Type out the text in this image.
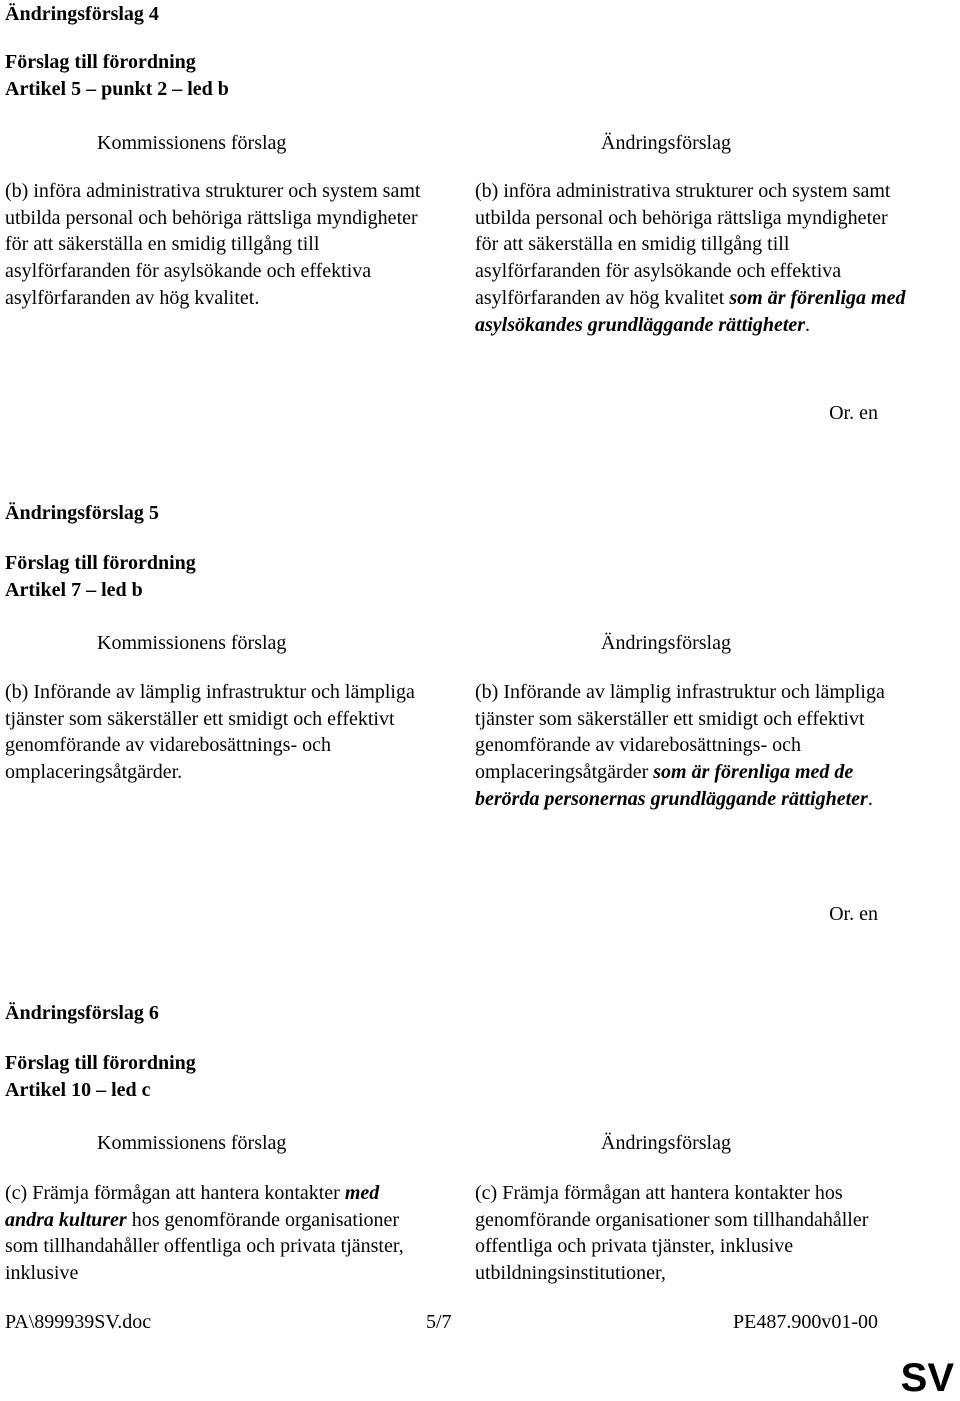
Ändringsförslag 4
Förslag till förordning
Artikel 5 – punkt 2 – led b
Kommissionens förslag	Ändringsförslag
(b) införa administrativa strukturer och system samt utbilda personal och behöriga rättsliga myndigheter för att säkerställa en smidig tillgång till asylförfaranden för asylsökande och effektiva asylförfaranden av hög kvalitet.
(b) införa administrativa strukturer och system samt utbilda personal och behöriga rättsliga myndigheter för att säkerställa en smidig tillgång till asylförfaranden för asylsökande och effektiva asylförfaranden av hög kvalitet som är förenliga med asylsökandes grundläggande rättigheter.
Or. en
Ändringsförslag 5
Förslag till förordning
Artikel 7 – led b
Kommissionens förslag	Ändringsförslag
(b) Införande av lämplig infrastruktur och lämpliga tjänster som säkerställer ett smidigt och effektivt genomförande av vidarebosättnings- och omplaceringsåtgärder.
(b) Införande av lämplig infrastruktur och lämpliga tjänster som säkerställer ett smidigt och effektivt genomförande av vidarebosättnings- och omplaceringsåtgärder som är förenliga med de berörda personernas grundläggande rättigheter.
Or. en
Ändringsförslag 6
Förslag till förordning
Artikel 10 – led c
Kommissionens förslag	Ändringsförslag
(c) Främja förmågan att hantera kontakter med andra kulturer hos genomförande organisationer som tillhandahåller offentliga och privata tjänster, inklusive
(c) Främja förmågan att hantera kontakter hos genomförande organisationer som tillhandahåller offentliga och privata tjänster, inklusive utbildningsinstitutioner,
PA\899939SV.doc	5/7	PE487.900v01-00
SV
